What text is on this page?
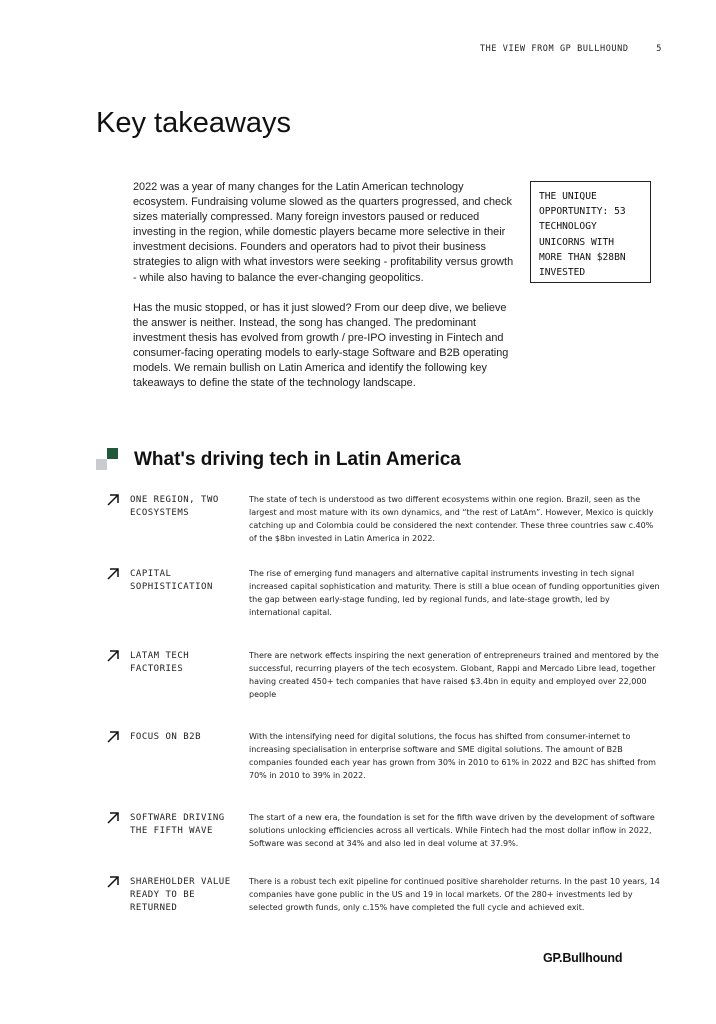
THE VIEW FROM GP BULLHOUND	5
Key takeaways

2022 was a year of many changes for the Latin American technology ecosystem. Fundraising volume slowed as the quarters progressed, and check sizes materially compressed. Many foreign investors paused or reduced investing in the region, while domestic players became more selective in their investment decisions. Founders and operators had to pivot their business strategies to align with what investors were seeking - profitability versus growth - while also having to balance the ever-changing geopolitics.

Has the music stopped, or has it just slowed? From our deep dive, we believe the answer is neither. Instead, the song has changed. The predominant investment thesis has evolved from growth / pre-IPO investing in Fintech and consumer-facing operating models to early-stage Software and B2B operating models. We remain bullish on Latin America and identify the following key takeaways to define the state of the technology landscape.

THE UNIQUE OPPORTUNITY: 53 TECHNOLOGY UNICORNS WITH MORE THAN $28BN INVESTED
What's driving tech in Latin America
ONE REGION, TWO ECOSYSTEMS
The state of tech is understood as two different ecosystems within one region. Brazil, seen as the largest and most mature with its own dynamics, and “the rest of LatAm”. However, Mexico is quickly catching up and Colombia could be considered the next contender. These three countries saw c.40% of the $8bn invested in Latin America in 2022.
CAPITAL SOPHISTICATION
The rise of emerging fund managers and alternative capital instruments investing in tech signal increased capital sophistication and maturity. There is still a blue ocean of funding opportunities given the gap between early-stage funding, led by regional funds, and late-stage growth, led by international capital.
LATAM TECH FACTORIES
There are network effects inspiring the next generation of entrepreneurs trained and mentored by the successful, recurring players of the tech ecosystem. Globant, Rappi and Mercado Libre lead, together having created 450+ tech companies that have raised $3.4bn in equity and employed over 22,000 people
FOCUS ON B2B	With the intensifying need for digital solutions, the focus has shifted from consumer-internet to increasing specialisation in enterprise software and SME digital solutions. The amount of B2B companies founded each year has grown from 30% in 2010 to 61% in 2022 and B2C has shifted from 70% in 2010 to 39% in 2022.
SOFTWARE DRIVING THE FIFTH WAVE
The start of a new era, the foundation is set for the fifth wave driven by the development of software solutions unlocking efficiencies across all verticals. While Fintech had the most dollar inflow in 2022, Software was second at 34% and also led in deal volume at 37.9%.
SHAREHOLDER VALUE READY TO BE RETURNED
There is a robust tech exit pipeline for continued positive shareholder returns. In the past 10 years, 14 companies have gone public in the US and 19 in local markets. Of the 280+ investments led by selected growth funds, only c.15% have completed the full cycle and achieved exit.
GP.Bullhound
